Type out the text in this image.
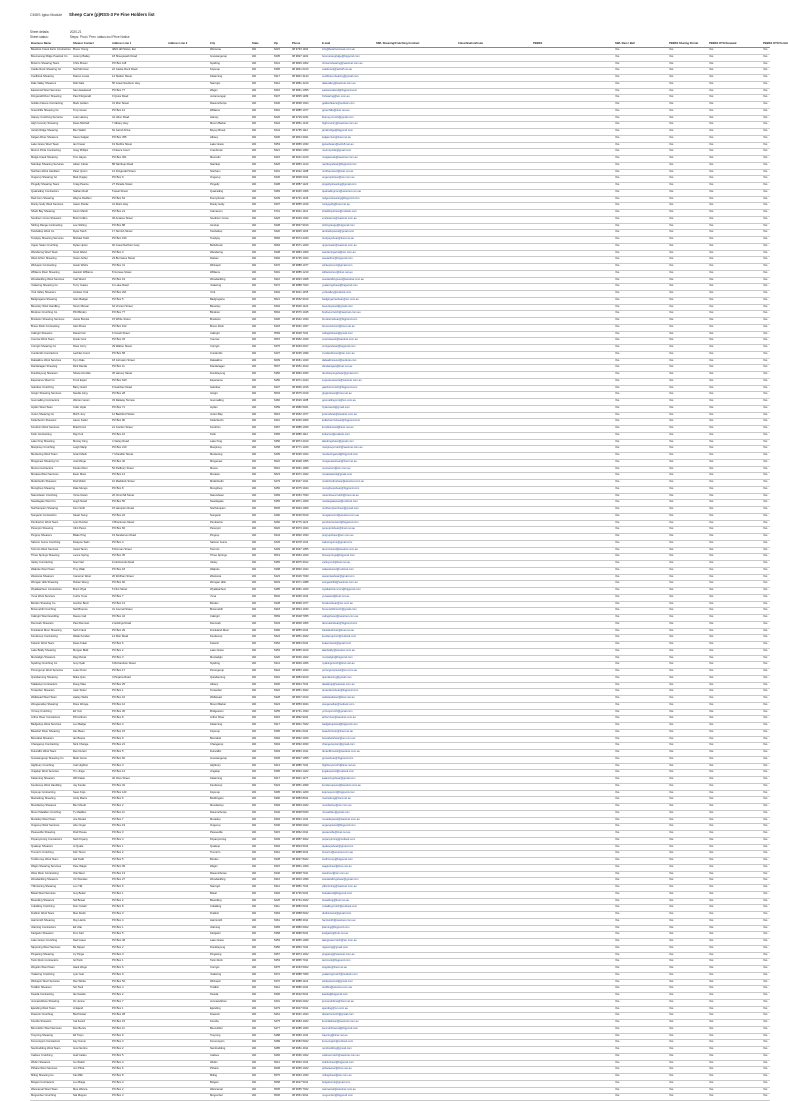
CMDS Igloo Module Sheep Care (p)RSS-3 Fe Fine Holders list
Sheet details:	2020-21
Sheet status:	Steps: Prod / Prev. status incl Price Notice
Business Name	Shearer Contact	Address Line 1	Address Line 2	City	State	Zip	Phone	E-mail	SWL Shearing/Crutching Contract	Classification/Code	PBBSS	SWL Ram / Bull	PBBSS Sharing Permit	PBBSS OTO Renewal	PBBSS OTO Permit
Bearfoot Creek Farm Contractors	Bruce Young	4822 Hill Street, Est		Waroona	WA	6215	08 9733 1164	info@bearfootcreek.com.au				Yes	Yes	Yes	Yes
Boomerang Ridge Pastoral Co	Jeremy Bailey	18 Sheepwash Road		Gnowangerup	WA	6335	08 9827 1102	boomerangridge@bigpond.com				Yes	Yes	Yes	Yes
Brown's Shearing Team	Chris Brown	PO Box 118		Nyabing	WA	6341	08 9829 1002	cbrownshearing@westnet.com.au				Yes	Yes	Yes	Yes
Castle Rock Shearing Co	Neil Morrison	22 Castle Rock Road		Kojonup	WA	6395	08 9831 0213	castlerock@activ8.net.au				Yes	Yes	Yes	Yes
Coolbinia Shearing	Darren Lucas	14 Station Street		Katanning	WA	6317	08 9821 3144	coolbinia.shearing@gmail.com				Yes	Yes	Yes	Yes
Dale Valley Shearers	Rob Dale	56 Great Southern Hwy		Narrogin	WA	6312	08 9881 4210	dalevalley@westnet.com.au				Yes	Yes	Yes	Yes
Eastwood Wool Services	Sam Eastwood	PO Box 77		Wagin	WA	6315	08 9861 1055	eastwoodwool@bigpond.com				Yes	Yes	Yes	Yes
Fitzgerald River Shearing	Paul Fitzgerald	9 Quiss Road		Jerramungup	WA	6337	08 9835 1189	frshearing@wn.com.au				Yes	Yes	Yes	Yes
Golden Fleece Contracting	Mark Golden	31 Moir Street		Ravensthorpe	WA	6346	08 9838 1024	goldenfleece@outlook.com				Yes	Yes	Yes	Yes
Greenhills Shearing Co	Tony Green	PO Box 12		Williams	WA	6391	08 9885 1077	greenhills@iinet.net.au				Yes	Yes	Yes	Yes
Harvey Crutching Services	Luke Harvey	44 Uduc Road		Harvey	WA	6220	08 9729 2231	lharvey.crutch@gmail.com				Yes	Yes	Yes	Yes
High Country Shearing	Dean Mitchell	7 Albany Hwy		Mount Barker	WA	6324	08 9851 1140	highcountry@westnet.com.au				Yes	Yes	Yes	Yes
Jarrah Ridge Shearing	Ben Walsh	62 Jarrah Drive		Boyup Brook	WA	6244	08 9765 1112	jarrahridge@bigpond.com				Yes	Yes	Yes	Yes
Kalgan River Shearers	Steve Kalgan	PO Box 455		Albany	WA	6330	08 9844 3021	kalganriver@iinet.net.au				Yes	Yes	Yes	Yes
Lake Grace Wool Team	Ian Fraser	19 Stubbs Street		Lake Grace	WA	6353	08 9865 1033	lgwoolteam@activ8.net.au				Yes	Yes	Yes	Yes
Merino Pride Contracting	Greg Phillips	3 Fleece Court		Cranbrook	WA	6321	08 9826 1050	merinopride@gmail.com				Yes	Yes	Yes	Yes
Mulga Creek Shearing	Tom Hayes	PO Box 301		Merredin	WA	6415	08 9041 2210	mulgacreek@westnet.com.au				Yes	Yes	Yes	Yes
Narrikup Shearing Services	Adam Carter	88 Narrikup Road		Narrikup	WA	6326	08 9853 1214	narrikupshear@bigpond.com				Yes	Yes	Yes	Yes
Northam Wool Handlers	Peter Quinn	12 Fitzgerald Street		Northam	WA	6401	08 9622 1188	northamwool@iinet.net.au				Yes	Yes	Yes	Yes
Ongerup Shearing Co	Matt Ongley	PO Box 9		Ongerup	WA	6336	08 9828 2011	ongerupshear@wn.com.au				Yes	Yes	Yes	Yes
Pingelly Shearing Team	Craig Pearce	27 Parade Street		Pingelly	WA	6308	08 9887 1120	pingellyshearing@gmail.com				Yes	Yes	Yes	Yes
Quairading Contractors	Nathan Reid	5 Heal Street		Quairading	WA	6383	08 9645 1066	quairadingcont@westnet.com.au				Yes	Yes	Yes	Yes
Red Gum Shearing	Wayne Redfern	PO Box 64		Donnybrook	WA	6239	08 9731 1145	redgumshearing@bigpond.com				Yes	Yes	Yes	Yes
Rocky Gully Wool Services	Jason Rocke	41 Muirs Hwy		Rocky Gully	WA	6397	08 9855 1019	rockygully@iinet.net.au				Yes	Yes	Yes	Yes
Shark Bay Shearing	Kevin Marsh	PO Box 21		Carnarvon	WA	6701	08 9941 1101	sharkbayshear@outlook.com				Yes	Yes	Yes	Yes
Southern Cross Shearers	Brett Collins	36 Antares Street		Southern Cross	WA	6426	08 9049 1032	sxshearers@westnet.com.au				Yes	Yes	Yes	Yes
Stirling Range Contracting	Lee Stirling	PO Box 88		Amelup	WA	6338	08 9827 9010	stirlingrange@bigpond.com				Yes	Yes	Yes	Yes
Tambellup Wool Co	Ryan Tamb	17 Norrish Street		Tambellup	WA	6320	08 9825 1166	tambellupwool@gmail.com				Yes	Yes	Yes	Yes
Toodyay Shearing Services	Michael Todd	PO Box 150		Toodyay	WA	6566	08 9574 2233	toodyayshear@iinet.net.au				Yes	Yes	Yes	Yes
Upper Swan Crutching	Dylan Upton	92 Great Northern Hwy		Bullsbrook	WA	6084	08 9571 1020	upperswan@westnet.com.au				Yes	Yes	Yes	Yes
Wandering Wool Team	Scott Wand	PO Box 3		Wandering	WA	6308	08 9884 1009	wanderingwool@wn.com.au				Yes	Yes	Yes	Yes
West Arthur Shearing	Owen Arthur	23 Burrowes Street		Darkan	WA	6392	08 9736 1044	westarthur@bigpond.com				Yes	Yes	Yes	Yes
Wickepin Contracting	Gavin Wicks	PO Box 41		Wickepin	WA	6370	08 9888 1077	wickepincont@gmail.com				Yes	Yes	Yes	Yes
Williams River Shearing	Hamish Williams	8 Growse Street		Williams	WA	6391	08 9885 1210	williamsriver@iinet.net.au				Yes	Yes	Yes	Yes
Woodanilling Wool Services	Carl Wood	PO Box 19		Woodanilling	WA	6316	08 9823 1008	woodanillingwool@westnet.com.au				Yes	Yes	Yes	Yes
Yealering Shearing Co	Terry Yeates	11 Lake Road		Yealering	WA	6372	08 9888 7023	yealeringshear@bigpond.com				Yes	Yes	Yes	Yes
York Valley Shearers	Andrew York	PO Box 201		York	WA	6302	08 9641 1155	yorkvalley@outlook.com				Yes	Yes	Yes	Yes
Badgingarra Shearing	Glen Badger	PO Box 5		Badgingarra	WA	6521	08 9652 9010	badgingarrashear@wn.com.au				Yes	Yes	Yes	Yes
Beverley Wool Handling	Simon Bevan	64 Vincent Street		Beverley	WA	6304	08 9646 1122	beverleywool@gmail.com				Yes	Yes	Yes	Yes
Bindoon Crutching Co	Phil Bindon	PO Box 77		Bindoon	WA	6502	08 9576 1045	bindooncrutch@westnet.com.au				Yes	Yes	Yes	Yes
Brookton Shearing Services	Jamie Brooks	15 White Street		Brookton	WA	6306	08 9642 1030	brooktonshear@bigpond.com				Yes	Yes	Yes	Yes
Bruce Rock Contracting	Alan Bruce	PO Box 102		Bruce Rock	WA	6418	08 9061 1027	brucerockcont@iinet.net.au				Yes	Yes	Yes	Yes
Calingiri Shearers	Daniel Cal	6 Cavell Street		Calingiri	WA	6569	08 9628 7011	calingirishear@gmail.com				Yes	Yes	Yes	Yes
Coorow Wool Team	Frank Coor	PO Box 33		Coorow	WA	6515	08 9952 1049	coorowwool@westnet.com.au				Yes	Yes	Yes	Yes
Corrigin Shearing Co	Ross Corry	29 Walton Street		Corrigin	WA	6375	08 9063 2017	corriginshear@bigpond.com				Yes	Yes	Yes	Yes
Cunderdin Contractors	Lachlan Cund	PO Box 58		Cunderdin	WA	6407	08 9635 1099	cunderdincont@wn.com.au				Yes	Yes	Yes	Yes
Dalwallinu Wool Services	Kym Dale	18 Johnston Street		Dalwallinu	WA	6609	08 9661 1040	dalwallinuwool@outlook.com				Yes	Yes	Yes	Yes
Dandaragan Shearing	Rick Danda	PO Box 11		Dandaragan	WA	6507	08 9651 4012	dandaragan@iinet.net.au				Yes	Yes	Yes	Yes
Dumbleyung Shearers	Shane Dumble	45 Harvey Street		Dumbleyung	WA	6350	08 9863 4033	dumbleyungshear@gmail.com				Yes	Yes	Yes	Yes
Esperance Wool Co	Trent Esper	PO Box 640		Esperance	WA	6450	08 9071 2244	esperancewool@westnet.com.au				Yes	Yes	Yes	Yes
Gairdner Crutching	Barry Gaird	9 Gairdner Road		Gairdner	WA	6337	08 9836 1015	gairdnercrutch@bigpond.com				Yes	Yes	Yes	Yes
Gingin Shearing Services	Neville Ging	PO Box 28		Gingin	WA	6503	08 9575 2019	ginginshear@iinet.net.au				Yes	Yes	Yes	Yes
Goomalling Contractors	Warren Goom	33 Railway Terrace		Goomalling	WA	6460	08 9629 1188	goomallingcont@wn.com.au				Yes	Yes	Yes	Yes
Hyden Wool Team	Colin Hyde	PO Box 71		Hyden	WA	6359	08 9880 5021	hydenwool@gmail.com				Yes	Yes	Yes	Yes
Jurien Shearing Co	Mitch Jury	12 Bashford Street		Jurien Bay	WA	6516	08 9652 1077	jurienshear@westnet.com.au				Yes	Yes	Yes	Yes
Kellerberrin Shearers	Aaron Keller	PO Box 90		Kellerberrin	WA	6410	08 9045 4066	kellerberrinshear@bigpond.com				Yes	Yes	Yes	Yes
Kondinin Wool Services	Brad Kond	21 Gordon Street		Kondinin	WA	6367	08 9889 1030	kondininwool@iinet.net.au				Yes	Yes	Yes	Yes
Kulin Contracting	Ray Kuli	PO Box 16		Kulin	WA	6365	08 9880 1112	kulincont@outlook.com				Yes	Yes	Yes	Yes
Lake King Shearing	Murray King	4 Varley Road		Lake King	WA	6356	08 9874 4010	lakekingshear@gmail.com				Yes	Yes	Yes	Yes
Manjimup Crutching	Leigh Manji	PO Box 210		Manjimup	WA	6258	08 9771 1320	manjimupcrutch@westnet.com.au				Yes	Yes	Yes	Yes
Meckering Wool Team	Grant Meck	7 Chandler Street		Meckering	WA	6405	08 9625 1044	meckeringwool@bigpond.com				Yes	Yes	Yes	Yes
Mingenew Shearing Co	Joel Minge	PO Box 40		Mingenew	WA	6522	08 9928 1055	mingenewshear@iinet.net.au				Yes	Yes	Yes	Yes
Moora Contractors	Kieran Moor	52 Padbury Street		Moora	WA	6510	08 9651 1099	mooracont@wn.com.au				Yes	Yes	Yes	Yes
Morawa Wool Services	Evan Mora	PO Box 14		Morawa	WA	6623	08 9971 1022	morawawool@gmail.com				Yes	Yes	Yes	Yes
Mukinbudin Shearers	Rod Mukin	10 Maddock Street		Mukinbudin	WA	6479	08 9047 1011	mukinbudinshear@westnet.com.au				Yes	Yes	Yes	Yes
Munglinup Shearing	Dale Mungo	PO Box 8		Munglinup	WA	6450	08 9075 1044	munglinupshear@bigpond.com				Yes	Yes	Yes	Yes
Narembeen Crutching	Vince Naren	26 Churchill Street		Narembeen	WA	6369	08 9064 7033	narembeencrutch@iinet.net.au				Yes	Yes	Yes	Yes
Newdegate Wool Co	Hugh Newd	PO Box 50		Newdegate	WA	6355	08 9871 1009	newdegatewool@outlook.com				Yes	Yes	Yes	Yes
Northampton Shearing	Ken North	15 Hampton Road		Northampton	WA	6535	08 9934 1066	northamptonshear@gmail.com				Yes	Yes	Yes	Yes
Nungarin Contractors	Stuart Nung	PO Box 22		Nungarin	WA	6490	08 9046 5010	nungarincont@westnet.com.au				Yes	Yes	Yes	Yes
Pemberton Wool Team	Lyle Pember	3 Brockman Street		Pemberton	WA	6260	08 9776 1122	pembertonwool@bigpond.com				Yes	Yes	Yes	Yes
Perenjori Shearing	Clint Peren	PO Box 66		Perenjori	WA	6620	08 9973 1044	perenjorishear@iinet.net.au				Yes	Yes	Yes	Yes
Pingrup Shearers	Blake Ping	19 Sanderson Road		Pingrup	WA	6343	08 9820 1033	pingrupshear@wn.com.au				Yes	Yes	Yes	Yes
Salmon Gums Crutching	Dwayne Salm	PO Box 4		Salmon Gums	WA	6445	08 9078 1011	salmongums@gmail.com				Yes	Yes	Yes	Yes
Tammin Wool Services	Jared Tamm	8 Donnan Street		Tammin	WA	6409	08 9637 1055	tamminwool@westnet.com.au				Yes	Yes	Yes	Yes
Three Springs Shearing	Lance Spring	PO Box 35		Three Springs	WA	6519	08 9954 1020	threesprings@bigpond.com				Yes	Yes	Yes	Yes
Varley Contracting	Noel Varl	11 Edmonds Road		Varley	WA	6355	08 9875 3012	varleycont@iinet.net.au				Yes	Yes	Yes	Yes
Walpole Wool Team	Troy Walp	PO Box 18		Walpole	WA	6398	08 9840 1044	walpolewool@outlook.com				Yes	Yes	Yes	Yes
Westonia Shearers	Cameron West	20 Wolfram Street		Westonia	WA	6423	08 9046 7033	westoniashear@gmail.com				Yes	Yes	Yes	Yes
Wongan Hills Shearing	Rohan Wong	PO Box 92		Wongan Hills	WA	6603	08 9671 1088	wonganhills@westnet.com.au				Yes	Yes	Yes	Yes
Wyalkatchem Contractors	Brent Wyal	5 Flint Street		Wyalkatchem	WA	6485	08 9681 1020	wyalkatchemcont@bigpond.com				Yes	Yes	Yes	Yes
Yuna Wool Services	Curtis Yuna	PO Box 7		Yuna	WA	6532	08 9935 1011	yunawool@iinet.net.au				Yes	Yes	Yes	Yes
Borden Shearing Co	Gordon Bord	PO Box 13		Borden	WA	6338	08 9828 1077	bordenshear@wn.com.au				Yes	Yes	Yes	Yes
Broomehill Crutching	Neil Broome	31 Journal Street		Broomehill	WA	6318	08 9824 1033	broomehillcrutch@gmail.com				Yes	Yes	Yes	Yes
Calingiri Wool Handling	Reece Cali	PO Box 44		Calingiri	WA	6569	08 9628 7055	calingiriwool@westnet.com.au				Yes	Yes	Yes	Yes
Denmark Shearers	Paul Denman	2 Hollings Road		Denmark	WA	6333	08 9848 1066	denmarkshear@bigpond.com				Yes	Yes	Yes	Yes
Frankland River Shearing	Seth Frank	PO Box 29		Frankland River	WA	6396	08 9855 2011	franklandriver@iinet.net.au				Yes	Yes	Yes	Yes
Kendenup Contracting	Wade Kenden	14 Moir Road		Kendenup	WA	6323	08 9851 4022	kendenupcont@outlook.com				Yes	Yes	Yes	Yes
Kukerin Wool Team	Dean Kuker	PO Box 6		Kukerin	WA	6352	08 9864 6011	kukerinwool@gmail.com				Yes	Yes	Yes	Yes
Lake Biddy Shearing	Morgan Bidd	PO Box 2		Lake Grace	WA	6353	08 9865 4010	lakebiddy@westnet.com.au				Yes	Yes	Yes	Yes
Muntadgin Shearers	Reg Munta	PO Box 3		Muntadgin	WA	6420	08 9046 1022	muntadgin@bigpond.com				Yes	Yes	Yes	Yes
Nyabing Crutching Co	Guy Nyab	9 Richardson Street		Nyabing	WA	6341	08 9829 1066	nyabingcrutch@iinet.net.au				Yes	Yes	Yes	Yes
Porongurup Wool Services	Luke Poron	PO Box 17		Porongurup	WA	6324	08 9853 1044	porongurupwool@wn.com.au				Yes	Yes	Yes	Yes
Quindanning Shearing	Miles Quin	3 Pinjarra Road		Quindanning	WA	6391	08 9884 9010	quindanning@gmail.com				Yes	Yes	Yes	Yes
Takalarup Contractors	Doug Taka	PO Box 25		Albany	WA	6330	08 9844 7011	takalarup@westnet.com.au				Yes	Yes	Yes	Yes
Tenterden Shearers	Jack Tenter	PO Box 1		Tenterden	WA	6322	08 9851 3022	tenterdenshear@bigpond.com				Yes	Yes	Yes	Yes
Wellstead Wool Team	Harley Wells	PO Box 10		Wellstead	WA	6328	08 9847 2010	wellsteadwool@iinet.net.au				Yes	Yes	Yes	Yes
Woogenellup Shearing	Ross Wooge	PO Box 12		Mount Barker	WA	6324	08 9853 3044	woogenellup@outlook.com				Yes	Yes	Yes	Yes
Yornup Crutching	Eli Yorn	PO Box 30		Bridgetown	WA	6255	08 9761 1033	yornupcrutch@gmail.com				Yes	Yes	Yes	Yes
Arthur River Contractors	Phil Arthurs	PO Box 8		Arthur River	WA	6315	08 9862 9011	arthurriver@westnet.com.au				Yes	Yes	Yes	Yes
Badgebup Wool Services	Len Badge	PO Box 4		Katanning	WA	6317	08 9821 7022	badgebupwool@bigpond.com				Yes	Yes	Yes	Yes
Beaufort River Shearing	Zac Beau	PO Box 15		Kojonup	WA	6395	08 9831 6011	beaufortriver@iinet.net.au				Yes	Yes	Yes	Yes
Boscabel Shearers	Ian Bosca	PO Box 9		Boscabel	WA	6394	08 9832 1020	boscabelshear@wn.com.au				Yes	Yes	Yes	Yes
Changerup Contracting	Nick Change	PO Box 21		Changerup	WA	6394	08 9832 4033	changerupcont@gmail.com				Yes	Yes	Yes	Yes
Duranillin Wool Team	Rex Durani	PO Box 5		Duranillin	WA	6393	08 9863 1011	duranillinwool@westnet.com.au				Yes	Yes	Yes	Yes
Gnowangerup Shearing Co	Mark Gnow	PO Box 60		Gnowangerup	WA	6335	08 9827 1055	gnowshear@bigpond.com				Yes	Yes	Yes	Yes
Highbury Crutching	Carl Highbur	PO Box 3		Highbury	WA	6313	08 9885 7011	highburycrutch@iinet.net.au				Yes	Yes	Yes	Yes
Jingalup Wool Services	Tim Jinga	PO Box 14		Jingalup	WA	6395	08 9833 1022	jingalupwool@outlook.com				Yes	Yes	Yes	Yes
Katanning Shearers	Will Katan	40 Clive Street		Katanning	WA	6317	08 9821 1177	katanningshear@gmail.com				Yes	Yes	Yes	Yes
Kendenup Wool Handling	Jay Kende	PO Box 32		Kendenup	WA	6323	08 9851 4099	kendenupwool@westnet.com.au				Yes	Yes	Yes	Yes
Kojonup Contracting	Sean Kojo	PO Box 120		Kojonup	WA	6395	08 9831 1200	kojonupcont@bigpond.com				Yes	Yes	Yes	Yes
Marradong Shearing	Andy Marra	PO Box 6		Boddington	WA	6390	08 9883 8011	marradong@iinet.net.au				Yes	Yes	Yes	Yes
Moodiarrup Shearers	Ben Moodi	PO Box 2		Moodiarrup	WA	6393	08 9863 2022	moodiarrup@wn.com.au				Yes	Yes	Yes	Yes
Mount Madden Crutching	Ty Madden	PO Box 11		Ravensthorpe	WA	6346	08 9838 5033	mtmadden@gmail.com				Yes	Yes	Yes	Yes
Muradup Wool Team	Joe Murad	PO Box 7		Muradup	WA	6394	08 9834 1011	muradupwool@westnet.com.au				Yes	Yes	Yes	Yes
Ongerup Wool Services	Abe Onger	PO Box 19		Ongerup	WA	6336	08 9828 2044	ongerupwool@bigpond.com				Yes	Yes	Yes	Yes
Piesseville Shearing	Rod Piesse	PO Box 3		Piesseville	WA	6315	08 9862 2011	piesseville@iinet.net.au				Yes	Yes	Yes	Yes
Popanyinning Contractors	Ned Popany	PO Box 4		Popanyinning	WA	6309	08 9887 3022	popanyinning@outlook.com				Yes	Yes	Yes	Yes
Qualeup Shearers	Al Quale	PO Box 1		Qualeup	WA	6394	08 9834 5011	qualeupshear@gmail.com				Yes	Yes	Yes	Yes
Tincurrin Crutching	Kirk Tincur	PO Box 2		Tincurrin	WA	6361	08 9888 3011	tincurrin@westnet.com.au				Yes	Yes	Yes	Yes
Toolbrunup Wool Team	Hal Toolb	PO Box 5		Borden	WA	6338	08 9827 8022	toolbrunup@bigpond.com				Yes	Yes	Yes	Yes
Wagin Shearing Services	Pete Wagin	PO Box 99		Wagin	WA	6315	08 9861 1300	waginshear@iinet.net.au				Yes	Yes	Yes	Yes
West River Contracting	Otis West	PO Box 13		Ravensthorpe	WA	6346	08 9838 7011	westriver@wn.com.au				Yes	Yes	Yes	Yes
Woodanilling Shearers	Vic Woodan	PO Box 27		Woodanilling	WA	6316	08 9823 1099	woodanillingshear@gmail.com				Yes	Yes	Yes	Yes
Yilliminning Shearing	Lou Yilli	PO Box 6		Narrogin	WA	6312	08 9881 7011	yilliminning@westnet.com.au				Yes	Yes	Yes	Yes
Bokal Wool Services	Guy Bokal	PO Box 1		Bokal	WA	6392	08 9736 6011	bokalwool@bigpond.com				Yes	Yes	Yes	Yes
Bowelling Shearers	Sid Bowel	PO Box 2		Bowelling	WA	6225	08 9734 4022	bowelling@iinet.net.au				Yes	Yes	Yes	Yes
Cuballing Crutching	Don Cuball	PO Box 8		Cuballing	WA	6311	08 9883 6011	cuballingcrutch@outlook.com				Yes	Yes	Yes	Yes
Dudinin Wool Team	Max Dudin	PO Box 3		Dudinin	WA	6363	08 9888 5022	dudininwool@gmail.com				Yes	Yes	Yes	Yes
Harrismith Shearing	Roy Harris	PO Box 4		Harrismith	WA	6361	08 9888 4011	harrismith@westnet.com.au				Yes	Yes	Yes	Yes
Jitarning Contractors	Ed Jitar	PO Box 1		Jitarning	WA	6365	08 9880 6022	jitarning@bigpond.com				Yes	Yes	Yes	Yes
Karlgarin Shearers	Finn Karl	PO Box 5		Karlgarin	WA	6358	08 9889 5011	karlgarin@iinet.net.au				Yes	Yes	Yes	Yes
Lake Grace Crutching	Ned Grace	PO Box 48		Lake Grace	WA	6353	08 9865 1099	lakegracecrutch@wn.com.au				Yes	Yes	Yes	Yes
Nippering Wool Services	Bo Nipper	PO Box 2		Dumbleyung	WA	6350	08 9863 7011	nippering@gmail.com				Yes	Yes	Yes	Yes
Pingaring Shearing	Cy Pinga	PO Box 3		Pingaring	WA	6357	08 9874 1022	pingaring@westnet.com.au				Yes	Yes	Yes	Yes
Tarin Rock Contractors	Gil Tarin	PO Box 1		Tarin Rock	WA	6353	08 9865 7011	tarinrock@bigpond.com				Yes	Yes	Yes	Yes
Wogolin Wool Team	Hank Wogo	PO Box 6		Corrigin	WA	6375	08 9063 5022	wogolin@iinet.net.au				Yes	Yes	Yes	Yes
Yealering Crutching	Lyle Yeal	PO Box 9		Yealering	WA	6372	08 9888 7066	yealeringcrutch@outlook.com				Yes	Yes	Yes	Yes
Wickepin Wool Services	Rex Wicke	PO Box 52		Wickepin	WA	6370	08 9888 1122	wickepinwool@gmail.com				Yes	Yes	Yes	Yes
Toolibin Shearers	Sol Tooli	PO Box 4		Toolibin	WA	6312	08 9886 2011	toolibin@westnet.com.au				Yes	Yes	Yes	Yes
Kweda Contracting	Ike Kweda	PO Box 2		Kweda	WA	6306	08 9642 5011	kweda@bigpond.com				Yes	Yes	Yes	Yes
Jennacubbine Shearing	Oz Jenna	PO Box 7		Jennacubbine	WA	6401	08 9629 2022	jennacubbine@iinet.net.au				Yes	Yes	Yes	Yes
Ejanding Wool Team	Al Ejand	PO Box 1		Ejanding	WA	6479	08 9047 6011	ejanding@wn.com.au				Yes	Yes	Yes	Yes
Dowerin Crutching	Bud Dower	PO Box 28		Dowerin	WA	6461	08 9631 1044	dowerincrutch@gmail.com				Yes	Yes	Yes	Yes
Koorda Shearers	Cal Koord	PO Box 15		Koorda	WA	6475	08 9684 1022	koordashear@westnet.com.au				Yes	Yes	Yes	Yes
Bencubbin Wool Services	Dev Bencu	PO Box 11		Bencubbin	WA	6477	08 9685 1033	bencubbinwool@bigpond.com				Yes	Yes	Yes	Yes
Trayning Shearing	Eli Trayn	PO Box 9		Trayning	WA	6488	08 9683 1011	trayning@iinet.net.au				Yes	Yes	Yes	Yes
Kununoppin Contractors	Fay Kunun	PO Box 3		Kununoppin	WA	6489	08 9683 5022	kununoppin@outlook.com				Yes	Yes	Yes	Yes
Nembudding Wool Team	Gus Nembu	PO Box 2		Nembudding	WA	6485	08 9681 4011	nembudding@gmail.com				Yes	Yes	Yes	Yes
Cadoux Crutching	Hud Cadou	PO Box 5		Cadoux	WA	6466	08 9666 1022	cadouxcrutch@westnet.com.au				Yes	Yes	Yes	Yes
Wubin Shearers	Ivo Wubin	PO Box 4		Wubin	WA	6612	08 9664 1011	wubinshear@bigpond.com				Yes	Yes	Yes	Yes
Pithara Wool Services	Jon Pitha	PO Box 6		Pithara	WA	6608	08 9665 1022	pitharawool@iinet.net.au				Yes	Yes	Yes	Yes
Miling Shearing Co	Kai Milin	PO Box 8		Miling	WA	6575	08 9654 1033	milingshear@wn.com.au				Yes	Yes	Yes	Yes
Bolgart Contractors	Lou Bolga	PO Box 3		Bolgart	WA	6568	08 9627 5011	bolgartcont@gmail.com				Yes	Yes	Yes	Yes
Wannamal Wool Team	Moe Wanna	PO Box 2		Wannamal	WA	6505	08 9655 7022	wannamal@westnet.com.au				Yes	Yes	Yes	Yes
Mogumber Crutching	Nat Mogum	PO Box 4		Mogumber	WA	6506	08 9651 9011	mogumber@bigpond.com				Yes	Yes	Yes	Yes
